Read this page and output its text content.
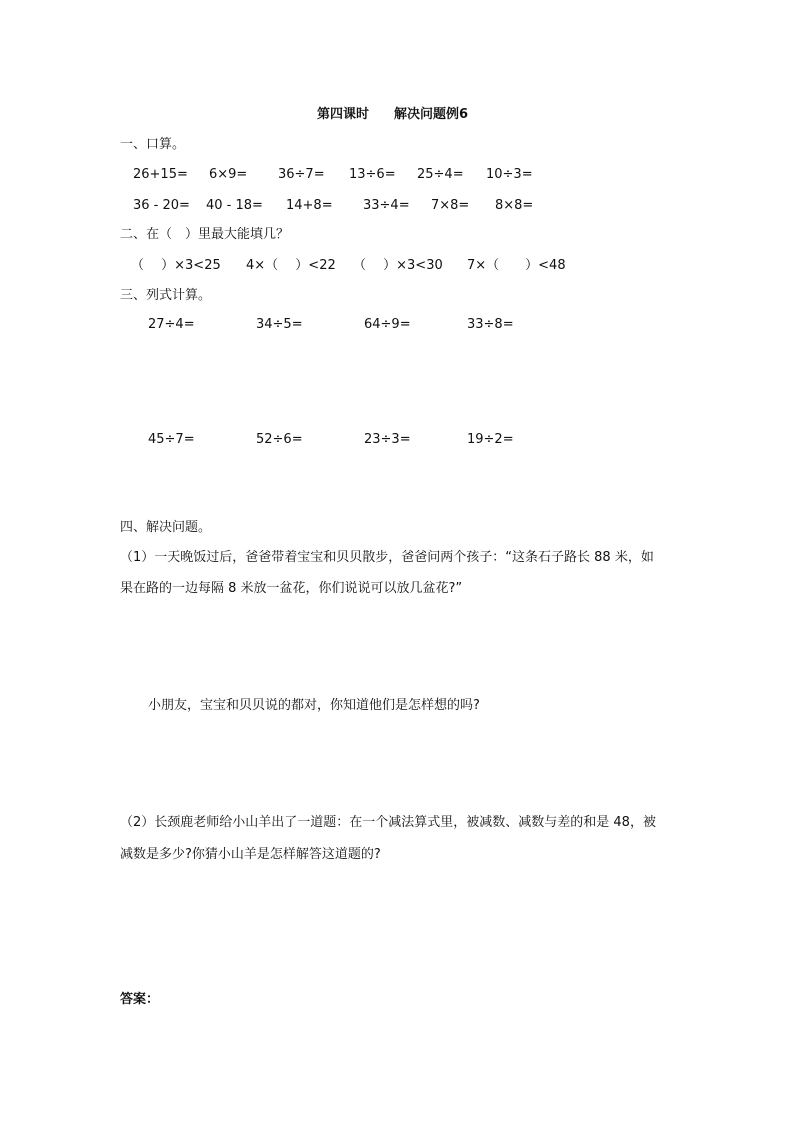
第四课时 解决问题例6
一、口算。
26+15= 6×9= 36÷7= 13÷6= 25÷4= 10÷3=
36 - 20= 40 - 18= 14+8= 33÷4= 7×8= 8×8=
二、在（　）里最大能填几？
（　 ）×3<25 4×（　 ）<22 （　 ）×3<30 7×（　　）<48
三、列式计算。
27÷4=	34÷5=	64÷9=	33÷8=
45÷7=	52÷6=	23÷3=	19÷2=
四、解决问题。
（1）一天晚饭过后，爸爸带着宝宝和贝贝散步，爸爸问两个孩子：“这条石子路长 88 米，如
果在路的一边每隔 8 米放一盆花，你们说说可以放几盆花?”
小朋友，宝宝和贝贝说的都对，你知道他们是怎样想的吗?
（2）长颈鹿老师给小山羊出了一道题：在一个减法算式里，被减数、减数与差的和是 48，被
减数是多少?你猜小山羊是怎样解答这道题的?
答案：
